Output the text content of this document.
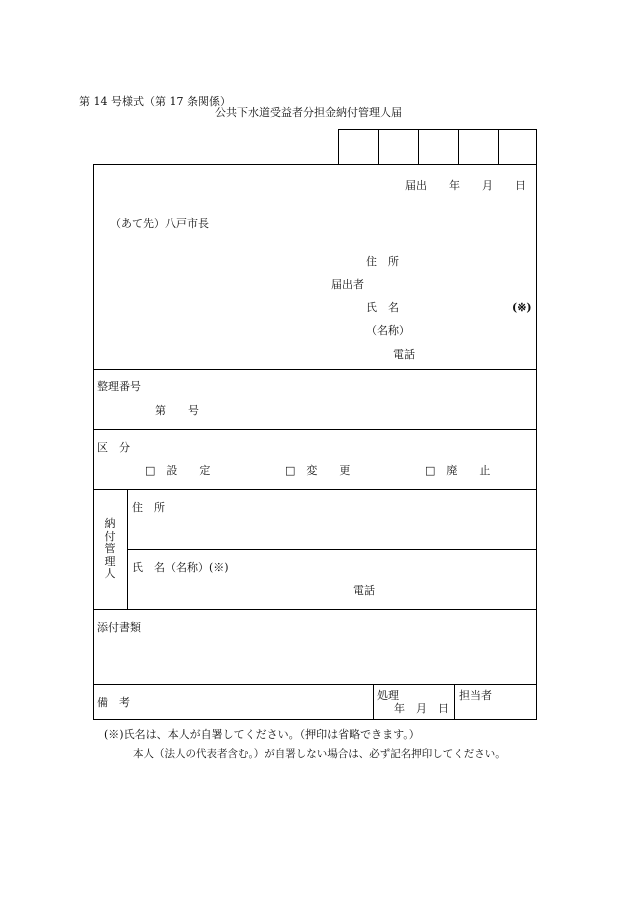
第 14 号様式（第 17 条関係）
公共下水道受益者分担金納付管理人届
届出　　年　　月　　日
（あて先）八戸市長
住　所
届出者
氏　名	(※)
（名称）
電話
整理番号
第　　号
区　分
□　設　　定	□　変　　更	□　廃　　止
納
付
管
理
人
住　所
氏　名（名称）(※)
電話
添付書類
備　考
処理
年　月　日
担当者
(※)氏名は、本人が自署してください。（押印は省略できます。）
本人（法人の代表者含む。）が自署しない場合は、必ず記名押印してください。
